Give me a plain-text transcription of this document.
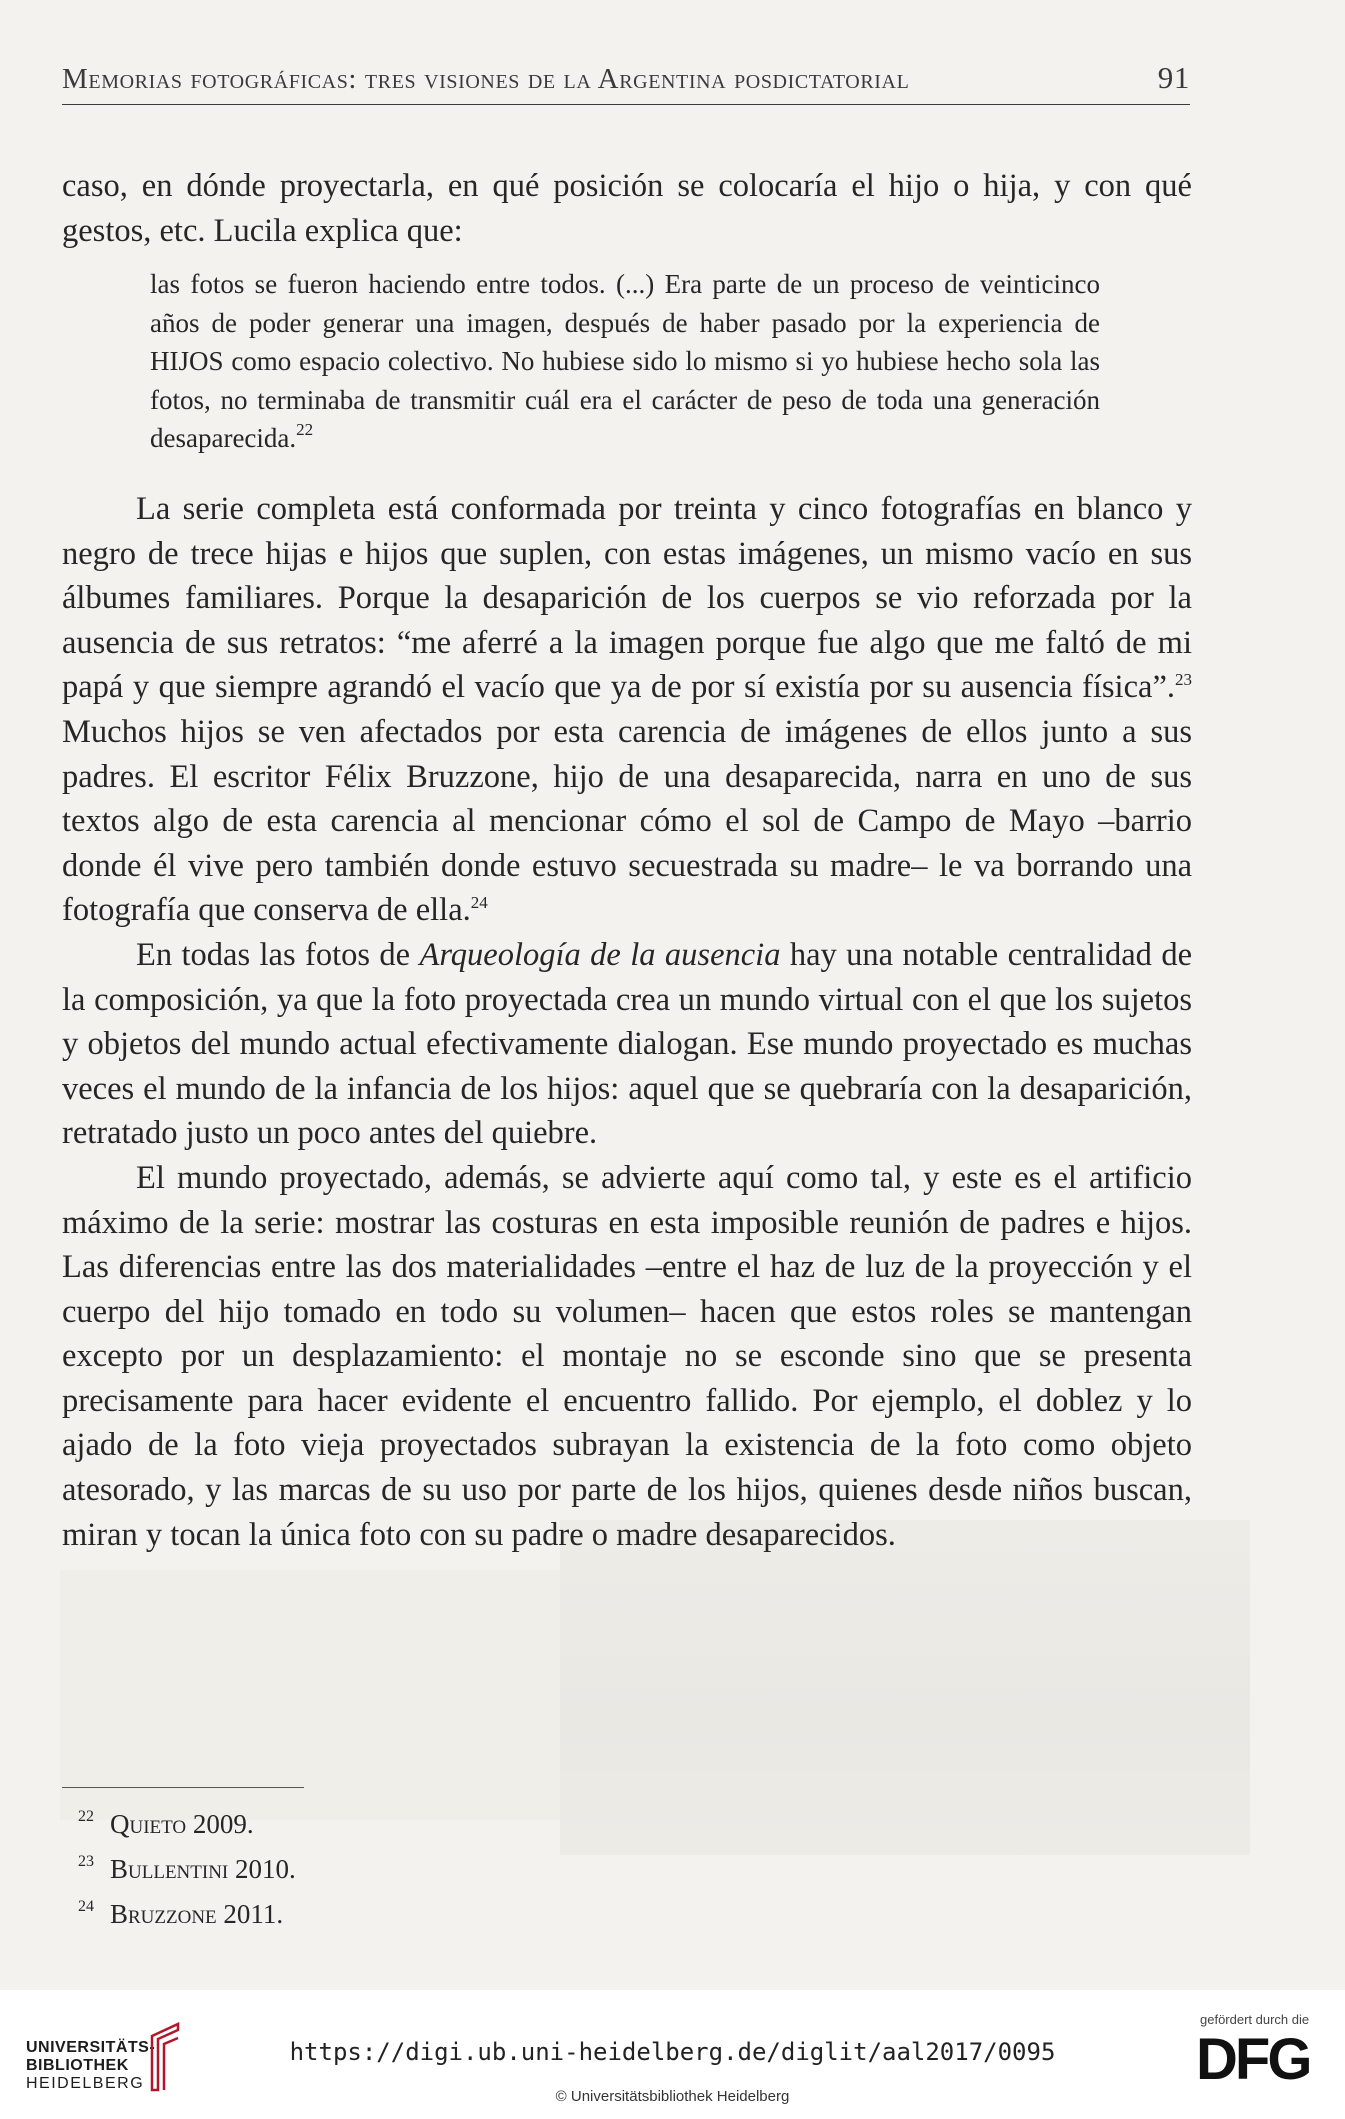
Memorias fotográficas: tres visiones de la Argentina posdictatorial	91

caso, en dónde proyectarla, en qué posición se colocaría el hijo o hija, y con qué gestos, etc. Lucila explica que:

las fotos se fueron haciendo entre todos. (...) Era parte de un proceso de veinticinco años de poder generar una imagen, después de haber pasado por la experiencia de HIJOS como espacio colectivo. No hubiese sido lo mismo si yo hubiese hecho sola las fotos, no terminaba de transmitir cuál era el carácter de peso de toda una generación desaparecida.$^{22}$

La serie completa está conformada por treinta y cinco fotografías en blanco y negro de trece hijas e hijos que suplen, con estas imágenes, un mismo vacío en sus álbumes familiares. Porque la desaparición de los cuerpos se vio reforzada por la ausencia de sus retratos: “me aferré a la imagen porque fue algo que me faltó de mi papá y que siempre agrandó el vacío que ya de por sí existía por su ausencia física”.$^{23}$ Muchos hijos se ven afectados por esta carencia de imágenes de ellos junto a sus padres. El escritor Félix Bruzzone, hijo de una desaparecida, narra en uno de sus textos algo de esta carencia al mencionar cómo el sol de Campo de Mayo –barrio donde él vive pero también donde estuvo secuestrada su madre– le va borrando una fotografía que conserva de ella.$^{24}$

En todas las fotos de Arqueología de la ausencia hay una notable centralidad de la composición, ya que la foto proyectada crea un mundo virtual con el que los sujetos y objetos del mundo actual efectivamente dialogan. Ese mundo proyectado es muchas veces el mundo de la infancia de los hijos: aquel que se quebraría con la desaparición, retratado justo un poco antes del quiebre.

El mundo proyectado, además, se advierte aquí como tal, y este es el artificio máximo de la serie: mostrar las costuras en esta imposible reunión de padres e hijos. Las diferencias entre las dos materialidades –entre el haz de luz de la proyección y el cuerpo del hijo tomado en todo su volumen– hacen que estos roles se mantengan excepto por un desplazamiento: el montaje no se esconde sino que se presenta precisamente para hacer evidente el encuentro fallido. Por ejemplo, el doblez y lo ajado de la foto vieja proyectados subrayan la existencia de la foto como objeto atesorado, y las marcas de su uso por parte de los hijos, quienes desde niños buscan, miran y tocan la única foto con su padre o madre desaparecidos.

22 Quieto 2009.
23 Bullentini 2010.
24 Bruzzone 2011.
UNIVERSITÄTS-
BIBLIOTHEK
HEIDELBERG
https://digi.ub.uni-heidelberg.de/diglit/aal2017/0095
© Universitätsbibliothek Heidelberg
gefördert durch die
DFG
